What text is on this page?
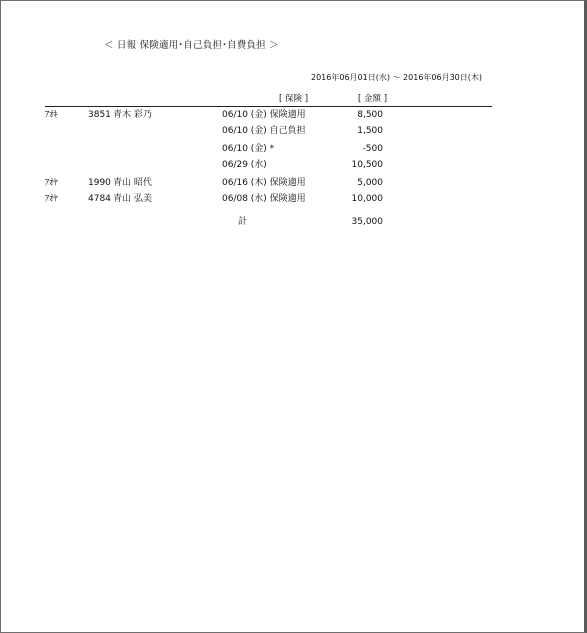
＜ 日報 保険適用･自己負担･自費負担 ＞
2016年06月01日(水) ～ 2016年06月30日(木)
[ 保険 ]	[ 金額 ]
ｱｵｷ	3851 青木 彩乃	06/10 (金) 保険適用	8,500
06/10 (金) 自己負担	1,500
06/10 (金) *	-500
06/29 (水)	10,500
ｱｵﾔ	1990 青山 昭代	06/16 (木) 保険適用	5,000
ｱｵﾔ	4784 青山 弘美	06/08 (水) 保険適用	10,000
計	35,000
